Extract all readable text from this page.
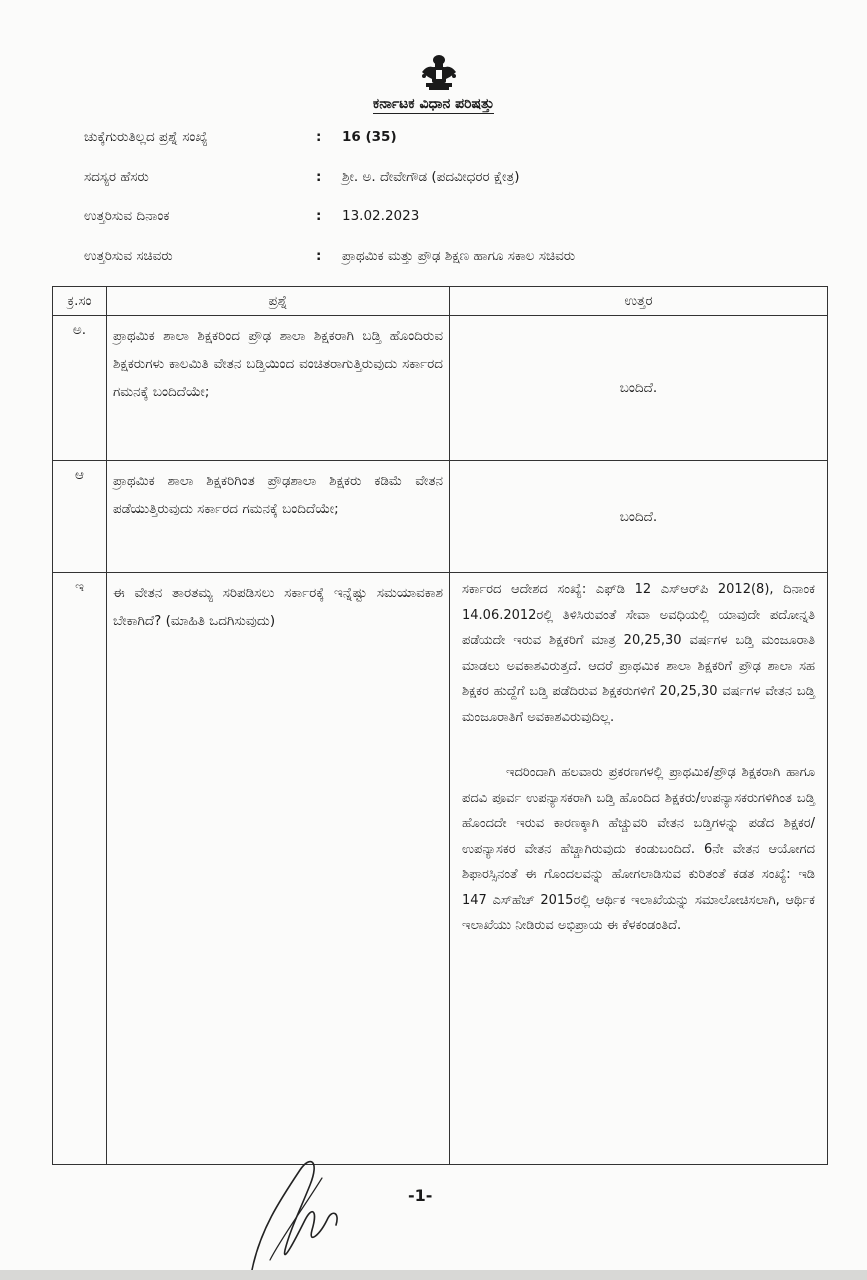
ಕರ್ನಾಟಕ ವಿಧಾನ ಪರಿಷತ್ತು
ಚುಕ್ಕೆಗುರುತಿಲ್ಲದ ಪ್ರಶ್ನೆ ಸಂಖ್ಯೆ	: 16 (35)
ಸದಸ್ಯರ ಹೆಸರು	: ಶ್ರೀ. ಅ. ದೇವೇಗೌಡ (ಪದವೀಧರರ ಕ್ಷೇತ್ರ)
ಉತ್ತರಿಸುವ ದಿನಾಂಕ	: 13.02.2023
ಉತ್ತರಿಸುವ ಸಚಿವರು	: ಪ್ರಾಥಮಿಕ ಮತ್ತು ಪ್ರೌಢ ಶಿಕ್ಷಣ ಹಾಗೂ ಸಕಾಲ ಸಚಿವರು
ಕ್ರ.ಸಂ	ಪ್ರಶ್ನೆ	ಉತ್ತರ
ಅ.	ಪ್ರಾಥಮಿಕ ಶಾಲಾ ಶಿಕ್ಷಕರಿಂದ ಪ್ರೌಢ ಶಾಲಾ ಶಿಕ್ಷಕರಾಗಿ ಬಡ್ತಿ ಹೊಂದಿರುವ ಶಿಕ್ಷಕರುಗಳು ಕಾಲಮಿತಿ ವೇತನ ಬಡ್ತಿಯಿಂದ ವಂಚಿತರಾಗುತ್ತಿರುವುದು ಸರ್ಕಾರದ ಗಮನಕ್ಕೆ ಬಂದಿದೆಯೇ;	ಬಂದಿದೆ.
ಆ	ಪ್ರಾಥಮಿಕ ಶಾಲಾ ಶಿಕ್ಷಕರಿಗಿಂತ ಪ್ರೌಢಶಾಲಾ ಶಿಕ್ಷಕರು ಕಡಿಮೆ ವೇತನ ಪಡೆಯುತ್ತಿರುವುದು ಸರ್ಕಾರದ ಗಮನಕ್ಕೆ ಬಂದಿದೆಯೇ;	ಬಂದಿದೆ.
ಇ	ಈ ವೇತನ ತಾರತಮ್ಯ ಸರಿಪಡಿಸಲು ಸರ್ಕಾರಕ್ಕೆ ಇನ್ನೆಷ್ಟು ಸಮಯಾವಕಾಶ ಬೇಕಾಗಿದೆ? (ಮಾಹಿತಿ ಒದಗಿಸುವುದು)	ಸರ್ಕಾರದ ಆದೇಶದ ಸಂಖ್ಯೆ: ಎಫ್‌ಡಿ 12 ಎಸ್‌ಆರ್‌ಪಿ 2012(8), ದಿನಾಂಕ 14.06.2012ರಲ್ಲಿ ತಿಳಿಸಿರುವಂತೆ ಸೇವಾ ಅವಧಿಯಲ್ಲಿ ಯಾವುದೇ ಪದೋನ್ನತಿ ಪಡೆಯದೇ ಇರುವ ಶಿಕ್ಷಕರಿಗೆ ಮಾತ್ರ 20,25,30 ವರ್ಷಗಳ ಬಡ್ತಿ ಮಂಜೂರಾತಿ ಮಾಡಲು ಅವಕಾಶವಿರುತ್ತದೆ. ಆದರೆ ಪ್ರಾಥಮಿಕ ಶಾಲಾ ಶಿಕ್ಷಕರಿಗೆ ಪ್ರೌಢ ಶಾಲಾ ಸಹ ಶಿಕ್ಷಕರ ಹುದ್ದೆಗೆ ಬಡ್ತಿ ಪಡೆದಿರುವ ಶಿಕ್ಷಕರುಗಳಿಗೆ 20,25,30 ವರ್ಷಗಳ ವೇತನ ಬಡ್ತಿ ಮಂಜೂರಾತಿಗೆ ಅವಕಾಶವಿರುವುದಿಲ್ಲ.

ಇದರಿಂದಾಗಿ ಹಲವಾರು ಪ್ರಕರಣಗಳಲ್ಲಿ ಪ್ರಾಥಮಿಕ/ಪ್ರೌಢ ಶಿಕ್ಷಕರಾಗಿ ಹಾಗೂ ಪದವಿ ಪೂರ್ವ ಉಪನ್ಯಾಸಕರಾಗಿ ಬಡ್ತಿ ಹೊಂದಿದ ಶಿಕ್ಷಕರು/ಉಪನ್ಯಾಸಕರುಗಳಿಗಿಂತ ಬಡ್ತಿ ಹೊಂದದೇ ಇರುವ ಕಾರಣಕ್ಕಾಗಿ ಹೆಚ್ಚುವರಿ ವೇತನ ಬಡ್ತಿಗಳನ್ನು ಪಡೆದ ಶಿಕ್ಷಕರ/ಉಪನ್ಯಾಸಕರ ವೇತನ ಹೆಚ್ಚಾಗಿರುವುದು ಕಂಡುಬಂದಿದೆ. 6ನೇ ವೇತನ ಆಯೋಗದ ಶಿಫಾರಸ್ಸಿನಂತೆ ಈ ಗೊಂದಲವನ್ನು ಹೋಗಲಾಡಿಸುವ ಕುರಿತಂತೆ ಕಡತ ಸಂಖ್ಯೆ: ಇಡಿ 147 ಎಸ್‌ಹೆಚ್ 2015ರಲ್ಲಿ ಆರ್ಥಿಕ ಇಲಾಖೆಯನ್ನು ಸಮಾಲೋಚಿಸಲಾಗಿ, ಆರ್ಥಿಕ ಇಲಾಖೆಯು ನೀಡಿರುವ ಅಭಿಪ್ರಾಯ ಈ ಕೆಳಕಂಡಂತಿದೆ.

-1-
